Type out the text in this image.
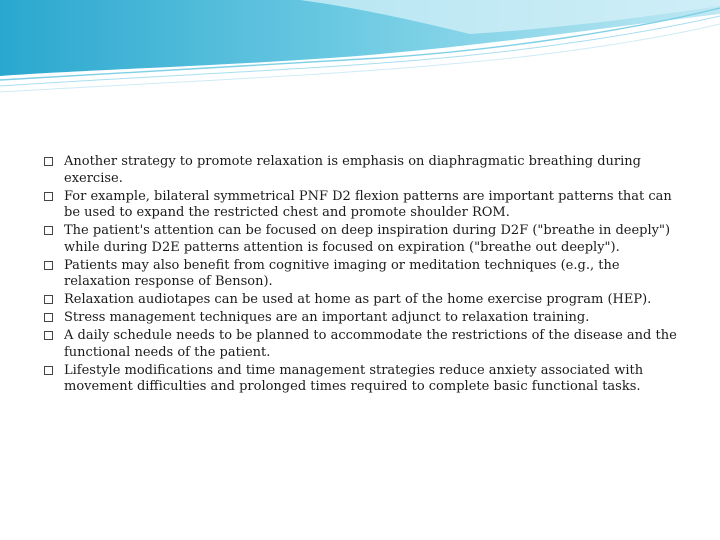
Another strategy to promote relaxation is emphasis on diaphragmatic breathing during exercise.
For example, bilateral symmetrical PNF D2 flexion patterns are important patterns that can be used to expand the restricted chest and promote shoulder ROM.
The patient's attention can be focused on deep inspiration during D2F ("breathe in deeply") while during D2E patterns attention is focused on expiration ("breathe out deeply").
Patients may also benefit from cognitive imaging or meditation techniques (e.g., the relaxation response of Benson).
Relaxation audiotapes can be used at home as part of the home exercise program (HEP).
Stress management techniques are an important adjunct to relaxation training.
A daily schedule needs to be planned to accommodate the restrictions of the disease and the functional needs of the patient.
Lifestyle modifications and time management strategies reduce anxiety associated with movement difficulties and prolonged times required to complete basic functional tasks.
